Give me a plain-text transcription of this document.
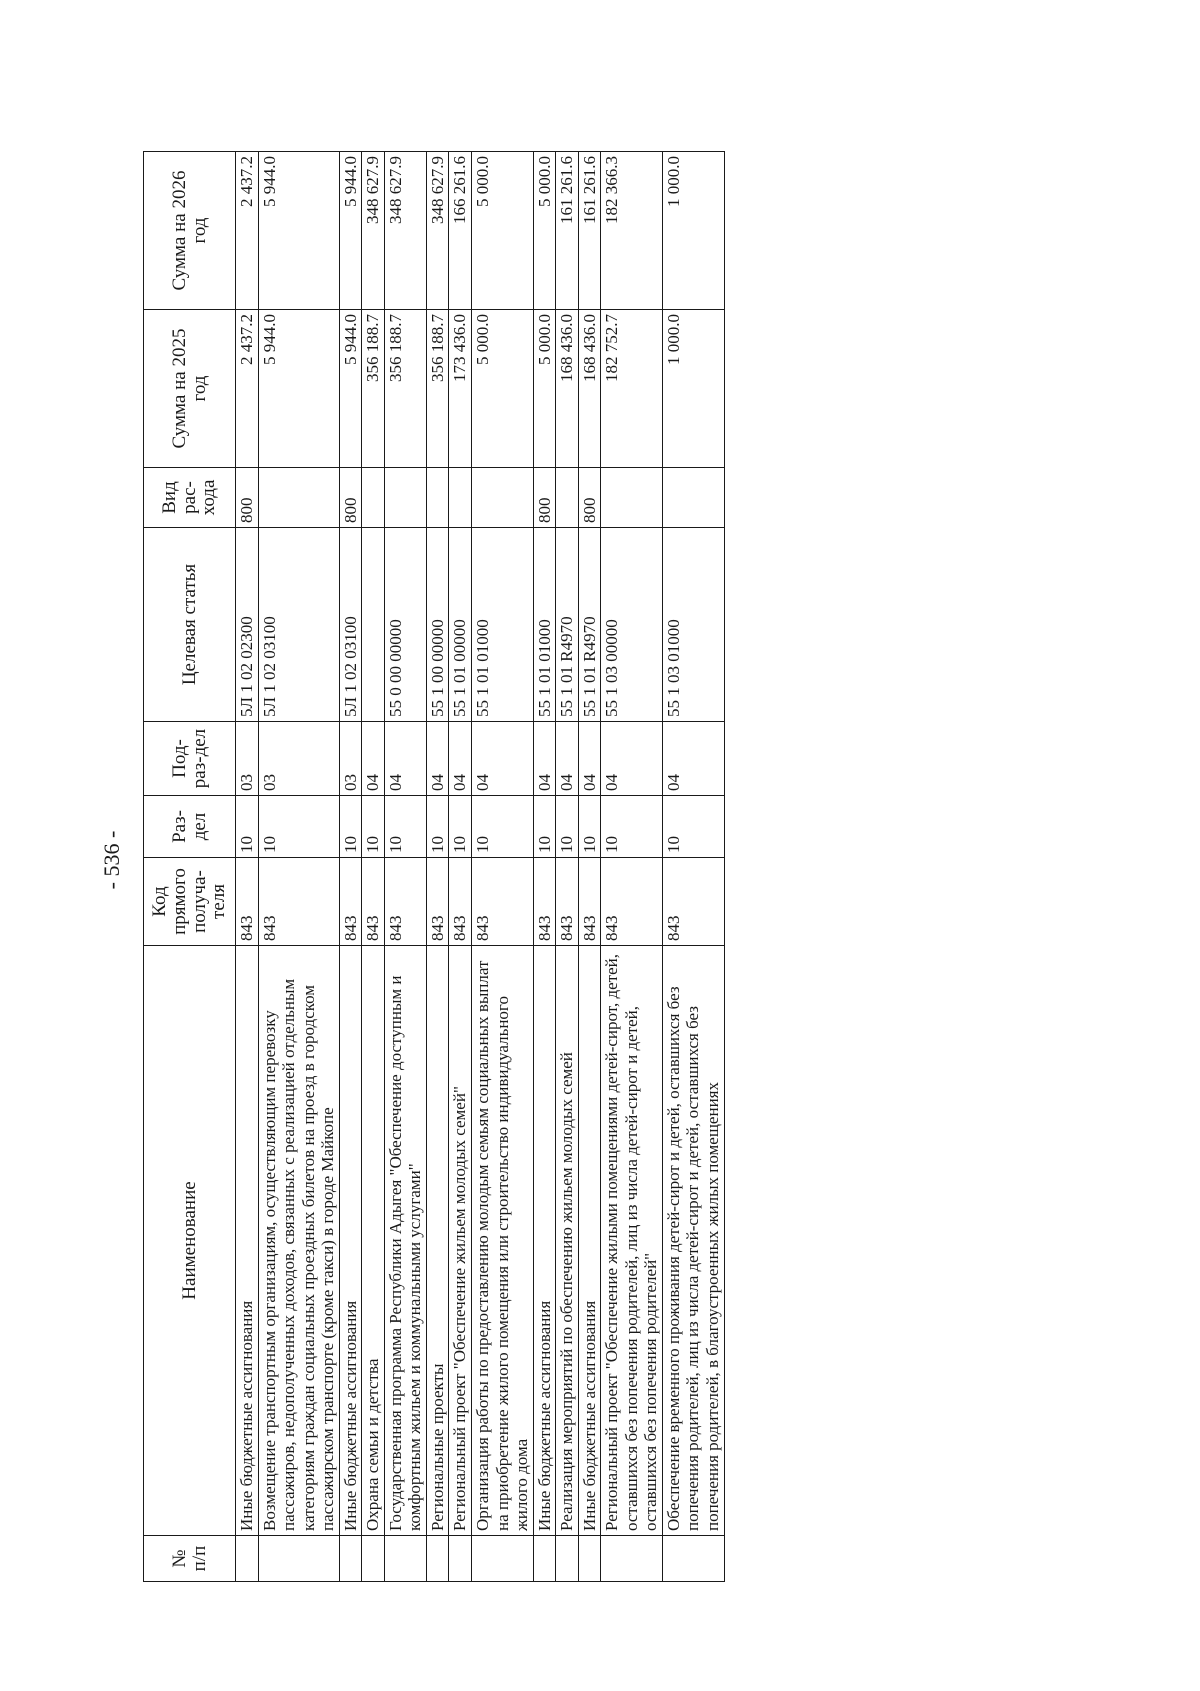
- 536 -
№ п/п	Наименование	Код прямого получа-теля	Раз-дел	Под-раз-дел	Целевая статья	Вид рас-хода	Сумма на 2025 год	Сумма на 2026 год
	Иные бюджетные ассигнования	843	10	03	5Л 1 02 02300	800	2 437.2	2 437.2
	Возмещение транспортным организациям, осуществляющим перевозку пассажиров, недополученных доходов, связанных с реализацией отдельным категориям граждан социальных проездных билетов на проезд в городском пассажирском транспорте (кроме такси) в городе Майкопе	843	10	03	5Л 1 02 03100		5 944.0	5 944.0
	Иные бюджетные ассигнования	843	10	03	5Л 1 02 03100	800	5 944.0	5 944.0
	Охрана семьи и детства	843	10	04			356 188.7	348 627.9
	Государственная программа Республики Адыгея "Обеспечение доступным и комфортным жильем и коммунальными услугами"	843	10	04	55 0 00 00000		356 188.7	348 627.9
	Региональные проекты	843	10	04	55 1 00 00000		356 188.7	348 627.9
	Региональный проект "Обеспечение жильем молодых семей"	843	10	04	55 1 01 00000		173 436.0	166 261.6
	Организация работы по предоставлению молодым семьям социальных выплат на приобретение жилого помещения или строительство индивидуального жилого дома	843	10	04	55 1 01 01000		5 000.0	5 000.0
	Иные бюджетные ассигнования	843	10	04	55 1 01 01000	800	5 000.0	5 000.0
	Реализация мероприятий по обеспечению жильем молодых семей	843	10	04	55 1 01 R4970		168 436.0	161 261.6
	Иные бюджетные ассигнования	843	10	04	55 1 01 R4970	800	168 436.0	161 261.6
	Региональный проект "Обеспечение жилыми помещениями детей-сирот, детей, оставшихся без попечения родителей, лиц из числа детей-сирот и детей, оставшихся без попечения родителей"	843	10	04	55 1 03 00000		182 752.7	182 366.3
	Обеспечение временного проживания детей-сирот и детей, оставшихся без попечения родителей, лиц из числа детей-сирот и детей, оставшихся без попечения родителей, в благоустроенных жилых помещениях	843	10	04	55 1 03 01000		1 000.0	1 000.0
